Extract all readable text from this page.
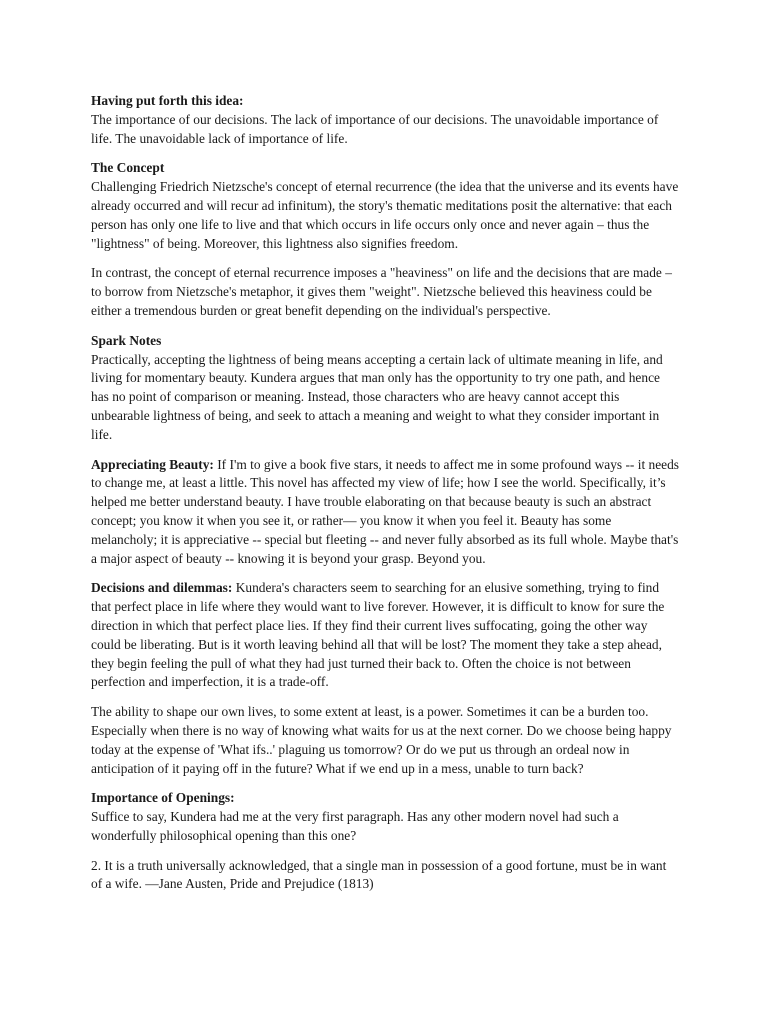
Having put forth this idea:

The importance of our decisions. The lack of importance of our decisions. The unavoidable importance of life. The unavoidable lack of importance of life.

The Concept

Challenging Friedrich Nietzsche's concept of eternal recurrence (the idea that the universe and its events have already occurred and will recur ad infinitum), the story's thematic meditations posit the alternative: that each person has only one life to live and that which occurs in life occurs only once and never again – thus the "lightness" of being. Moreover, this lightness also signifies freedom.

In contrast, the concept of eternal recurrence imposes a "heaviness" on life and the decisions that are made – to borrow from Nietzsche's metaphor, it gives them "weight". Nietzsche believed this heaviness could be either a tremendous burden or great benefit depending on the individual's perspective.

Spark Notes

Practically, accepting the lightness of being means accepting a certain lack of ultimate meaning in life, and living for momentary beauty. Kundera argues that man only has the opportunity to try one path, and hence has no point of comparison or meaning. Instead, those characters who are heavy cannot accept this unbearable lightness of being, and seek to attach a meaning and weight to what they consider important in life.

Appreciating Beauty: If I'm to give a book five stars, it needs to affect me in some profound ways -- it needs to change me, at least a little. This novel has affected my view of life; how I see the world. Specifically, it’s helped me better understand beauty. I have trouble elaborating on that because beauty is such an abstract concept; you know it when you see it, or rather— you know it when you feel it. Beauty has some melancholy; it is appreciative -- special but fleeting -- and never fully absorbed as its full whole. Maybe that's a major aspect of beauty -- knowing it is beyond your grasp. Beyond you.

Decisions and dilemmas: Kundera's characters seem to searching for an elusive something, trying to find that perfect place in life where they would want to live forever. However, it is difficult to know for sure the direction in which that perfect place lies. If they find their current lives suffocating, going the other way could be liberating. But is it worth leaving behind all that will be lost? The moment they take a step ahead, they begin feeling the pull of what they had just turned their back to. Often the choice is not between perfection and imperfection, it is a trade-off.

The ability to shape our own lives, to some extent at least, is a power. Sometimes it can be a burden too. Especially when there is no way of knowing what waits for us at the next corner. Do we choose being happy today at the expense of 'What ifs..' plaguing us tomorrow? Or do we put us through an ordeal now in anticipation of it paying off in the future? What if we end up in a mess, unable to turn back?

Importance of Openings:

Suffice to say, Kundera had me at the very first paragraph. Has any other modern novel had such a wonderfully philosophical opening than this one?

2. It is a truth universally acknowledged, that a single man in possession of a good fortune, must be in want of a wife. —Jane Austen, Pride and Prejudice (1813)
